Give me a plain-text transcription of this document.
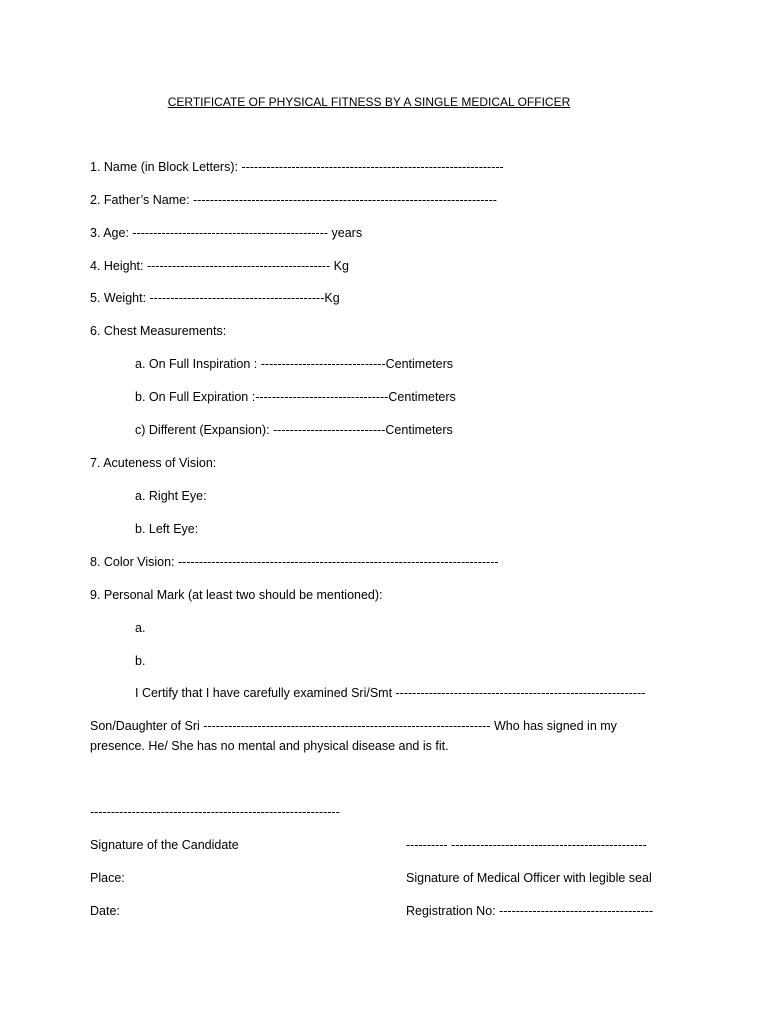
CERTIFICATE OF PHYSICAL FITNESS BY A SINGLE MEDICAL OFFICER
1. Name (in Block Letters): ---------------------------------------------------------------
2. Father’s Name: -------------------------------------------------------------------------
3. Age: ----------------------------------------------- years
4. Height: -------------------------------------------- Kg
5. Weight: ------------------------------------------Kg
6. Chest Measurements:
a. On Full Inspiration : ------------------------------Centimeters
b. On Full Expiration :--------------------------------Centimeters
c) Different (Expansion): ---------------------------Centimeters
7. Acuteness of Vision:
a. Right Eye:
b. Left Eye:
8. Color Vision: -----------------------------------------------------------------------------
9. Personal Mark (at least two should be mentioned):
a.
b.
I Certify that I have carefully examined Sri/Smt ------------------------------------------------------------
Son/Daughter of Sri --------------------------------------------------------------------- Who has signed in my presence. He/ She has no mental and physical disease and is fit.
------------------------------------------------------------
---------- -----------------------------------------------
Signature of the Candidate
Place:	Signature of Medical Officer with legible seal
Date:	Registration No: -------------------------------------
